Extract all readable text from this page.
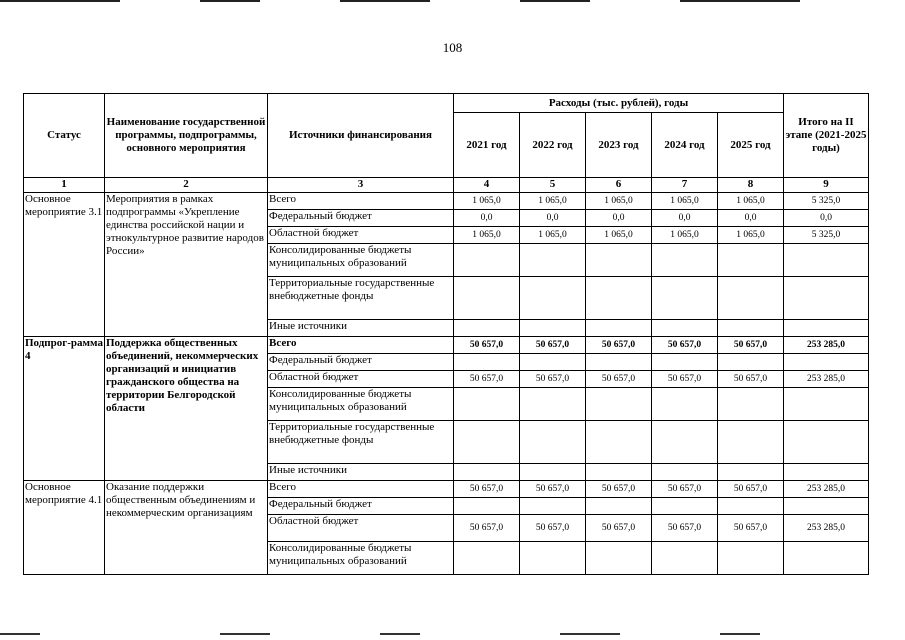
108
Статус	Наименование государственной программы, подпрограммы, основного мероприятия	Источники финансирования	Расходы (тыс. рублей), годы					Итого на II этапе (2021-2025 годы)
			2021 год	2022 год	2023 год	2024 год	2025 год	
1	2	3	4	5	6	7	8	9
Основное мероприятие 3.1	Мероприятия в рамках подпрограммы «Укрепление единства российской нации и этнокультурное развитие народов России»	Всего	1 065,0	1 065,0	1 065,0	1 065,0	1 065,0	5 325,0
		Федеральный бюджет	0,0	0,0	0,0	0,0	0,0	0,0
		Областной бюджет	1 065,0	1 065,0	1 065,0	1 065,0	1 065,0	5 325,0
		Консолидированные бюджеты муниципальных образований						
		Территориальные государственные внебюджетные фонды						
		Иные источники						
Подпрог-рамма 4	Поддержка общественных объединений, некоммерческих организаций и инициатив гражданского общества на территории Белгородской области	Всего	50 657,0	50 657,0	50 657,0	50 657,0	50 657,0	253 285,0
		Федеральный бюджет						
		Областной бюджет	50 657,0	50 657,0	50 657,0	50 657,0	50 657,0	253 285,0
		Консолидированные бюджеты муниципальных образований						
		Территориальные государственные внебюджетные фонды						
		Иные источники						
Основное мероприятие 4.1	Оказание поддержки общественным объединениям и некоммерческим организациям	Всего	50 657,0	50 657,0	50 657,0	50 657,0	50 657,0	253 285,0
		Федеральный бюджет						
		Областной бюджет	50 657,0	50 657,0	50 657,0	50 657,0	50 657,0	253 285,0
		Консолидированные бюджеты муниципальных образований						
